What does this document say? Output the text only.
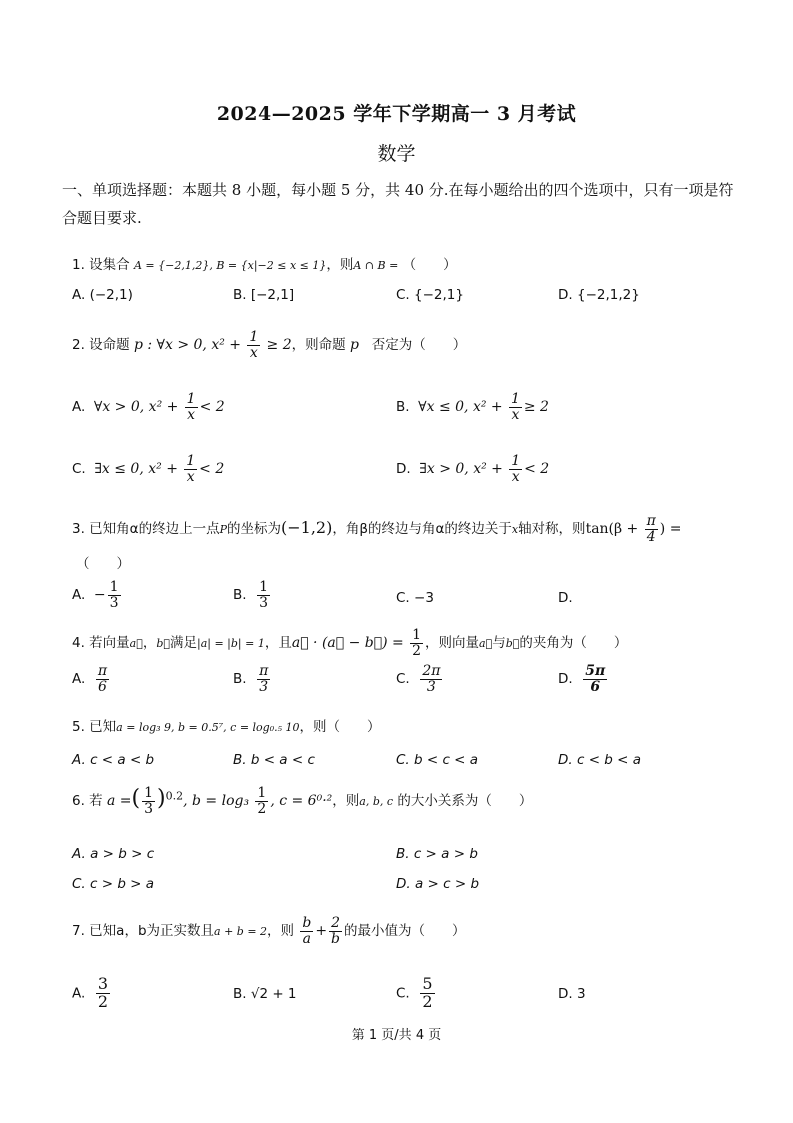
2024—2025 学年下学期高一 3 月考试
数学
一、单项选择题：本题共 8 小题，每小题 5 分，共 40 分.在每小题给出的四个选项中，只有一项是符合题目要求.
1. 设集合 A = {−2,1,2}, B = {x|−2 ≤ x ≤ 1}，则A ∩ B = （　　）
A. (−2,1)	B. [−2,1]	C. {−2,1}	D. {−2,1,2}
2. 设命题 p : ∀x > 0, $x^2 + \frac{1}{x} \ge 2$，则命题 p 否定为（　　）
A. ∀x > 0, $x^2 + \frac{1}{x} < 2$	B. ∀x ≤ 0, $x^2 + \frac{1}{x} \ge 2$
C. ∃x ≤ 0, $x^2 + \frac{1}{x} < 2$	D. ∃x > 0, $x^2 + \frac{1}{x} < 2$
3. 已知角α的终边上一点P的坐标为(−1,2)，角β的终边与角α的终边关于x轴对称，则$\tan(\beta + \frac{\pi}{4}$ ) =
（　　）
A. − $\frac{1}{3}$	B. $\frac{1}{3}$	C. −3	D.
4. 若向量a⃗，b⃗满足|a| = |b| = 1，且a⃗ · (a⃗ − b⃗) = $\frac{1}{2}$ ，则向量a⃗与b⃗的夹角为（　　）
A. $\frac{\pi}{6}$	B. $\frac{\pi}{3}$	C. $\frac{2\pi}{3}$	D. $\frac{5\pi}{6}$
5. 已知a = log₃ 9, b = 0.5⁷, c = log₀.₅ 10，则（　　）
A. c < a < b	B. b < a < c	C. b < c < a	D. c < b < a
6. 若 a =( $\frac{1}{3} )^{0.2}$, $b = \log_3 \frac{1}{2}$ , c = 6⁰·²，则a, b, c 的大小关系为（　　）
A. a > b > c	B. c > a > b
C. c > b > a	D. a > c > b
7. 已知a，b为正实数且a + b = 2，则 $\frac{b}{a} + \frac{2}{b}$ 的最小值为（　　）
A. $\frac{3}{2}$	B. √2 + 1	C. $\frac{5}{2}$	D. 3
第 1 页/共 4 页
